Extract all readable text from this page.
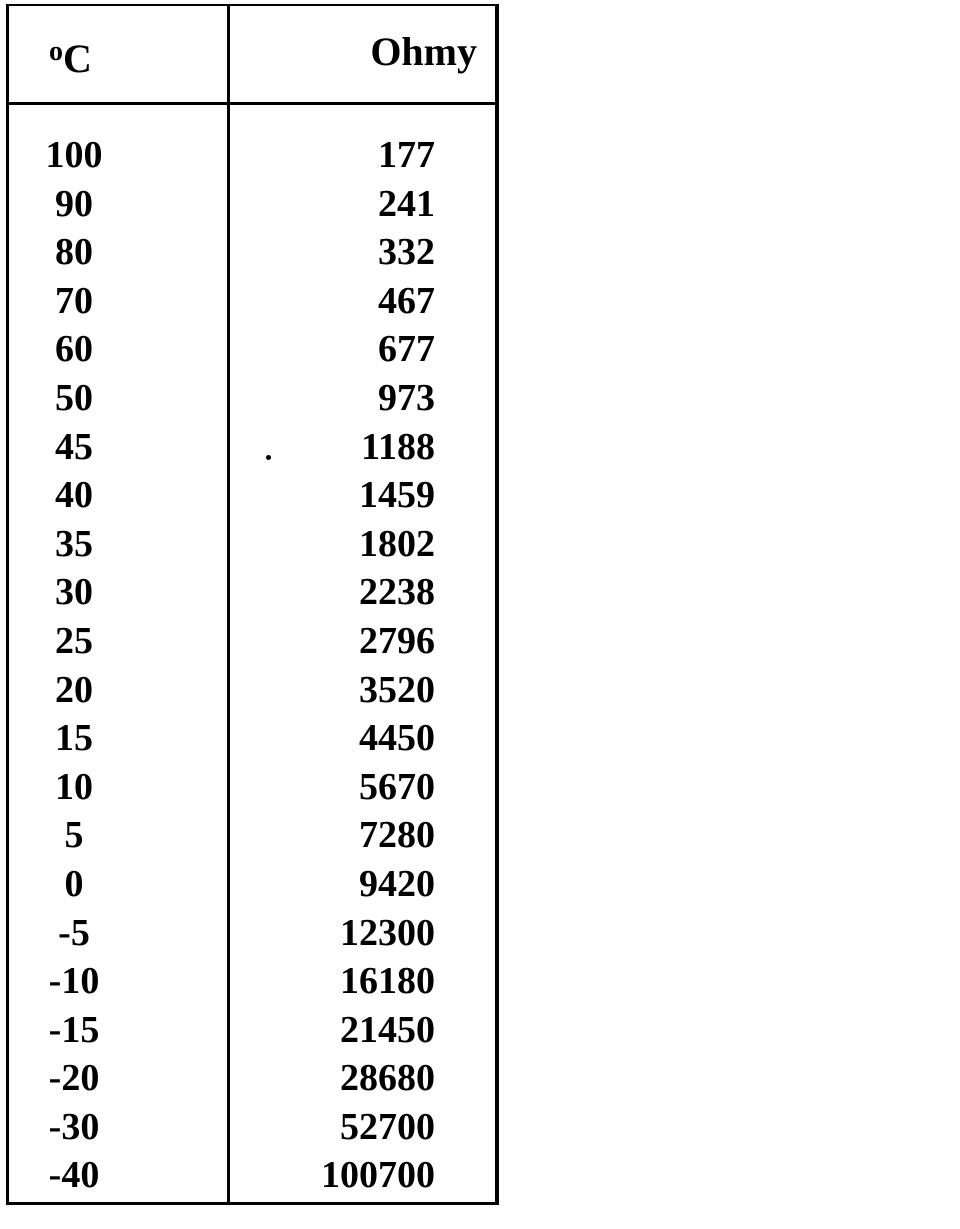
$^o$C	Ohmy
100	177
90	241
80	332
70	467
60	677
50	973
45	1188
40	1459
35	1802
30	2238
25	2796
20	3520
15	4450
10	5670
5	7280
0	9420
-5	12300
-10	16180
-15	21450
-20	28680
-30	52700
-40	100700
